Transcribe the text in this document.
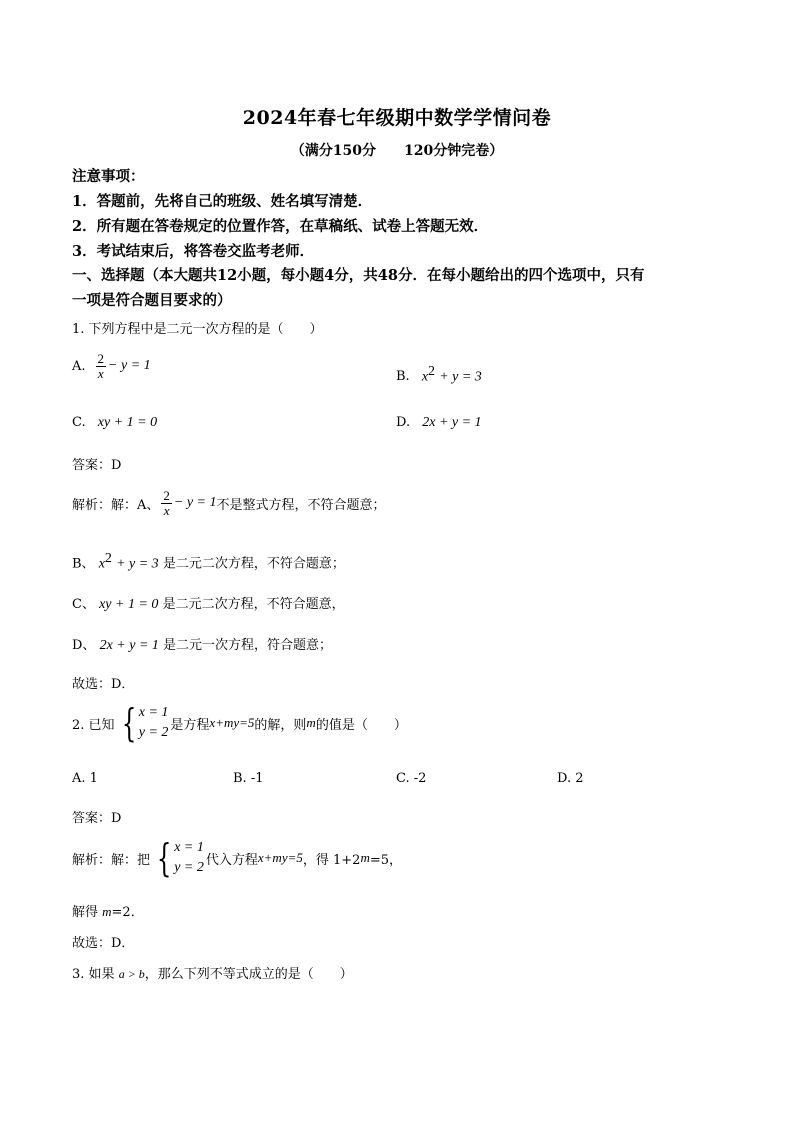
2024年春七年级期中数学学情问卷
（满分150分　　120分钟完卷）
注意事项：
1．答题前，先将自己的班级、姓名填写清楚．
2．所有题在答卷规定的位置作答，在草稿纸、试卷上答题无效．
3．考试结束后，将答卷交监考老师．
一、选择题（本大题共12小题，每小题4分，共48分．在每小题给出的四个选项中，只有
一项是符合题目要求的）
1. 下列方程中是二元一次方程的是（　　）
A. $\frac{2}{x} - y = 1$
B. $x^2 + y = 3$
C. xy + 1 = 0	D. 2x + y = 1
答案：D
解析：解：A、 $\frac{2}{x} - y = 1$ 不是整式方程，不符合题意；
B、 $x^2 + y = 3$ 是二元二次方程，不符合题意；
C、 xy + 1 = 0 是二元二次方程，不符合题意，
D、 2x + y = 1 是二元一次方程，符合题意；
故选：D．
2. 已知 { x = 1
y = 2 是方程 x+my=5 的解，则 m 的值是（　　）
A. 1	B. -1	C. -2	D. 2
答案：D
解析：解：把 { x = 1
y = 2 代入方程 x+my=5 ，得 1+2 m =5，
解得 m=2．
故选：D．
3. 如果 a > b，那么下列不等式成立的是（　　）
